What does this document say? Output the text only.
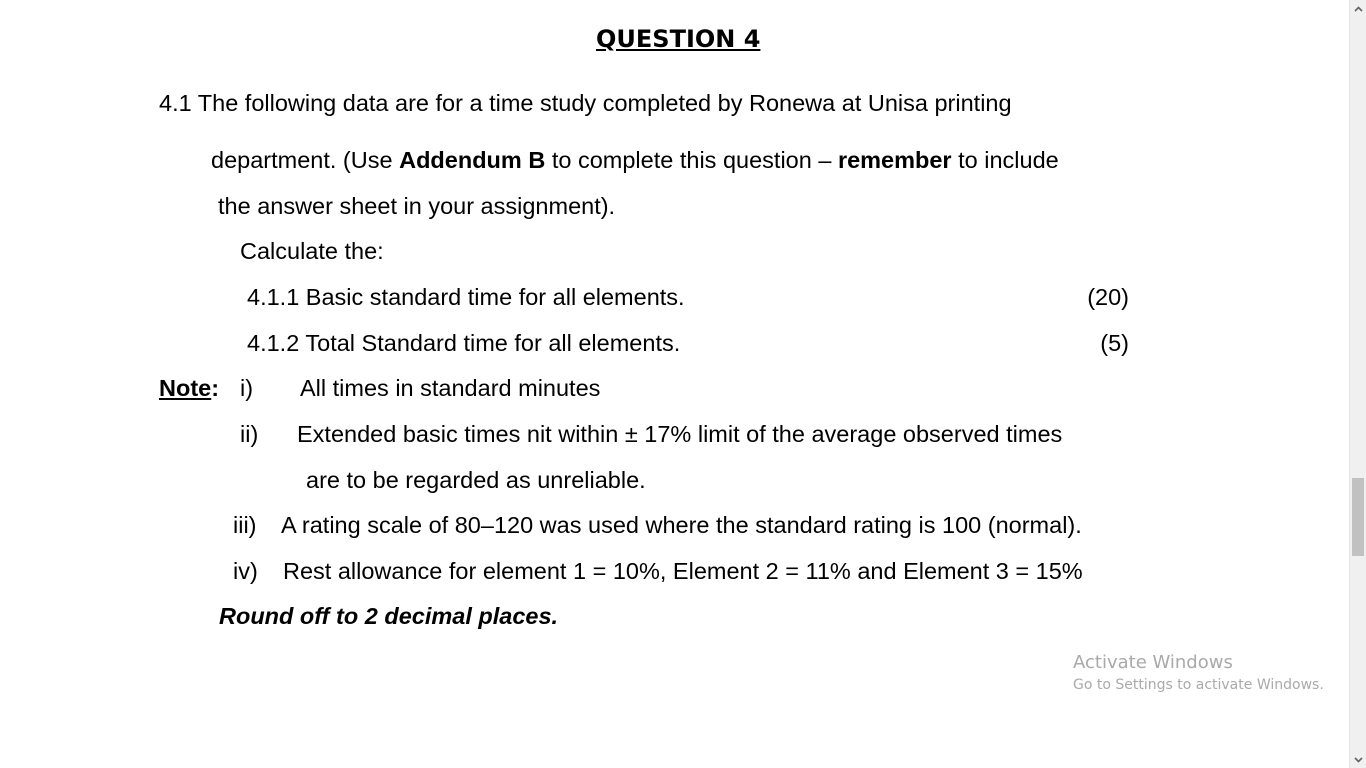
QUESTION 4
4.1 The following data are for a time study completed by Ronewa at Unisa printing
department. (Use Addendum B to complete this question – remember to include
the answer sheet in your assignment).
Calculate the:
4.1.1 Basic standard time for all elements.	(20)
4.1.2 Total Standard time for all elements.	(5)
Note: i) All times in standard minutes
ii) Extended basic times nit within ± 17% limit of the average observed times
are to be regarded as unreliable.
iii) A rating scale of 80–120 was used where the standard rating is 100 (normal).
iv) Rest allowance for element 1 = 10%, Element 2 = 11% and Element 3 = 15%
Round off to 2 decimal places.
Activate Windows
Go to Settings to activate Windows.
